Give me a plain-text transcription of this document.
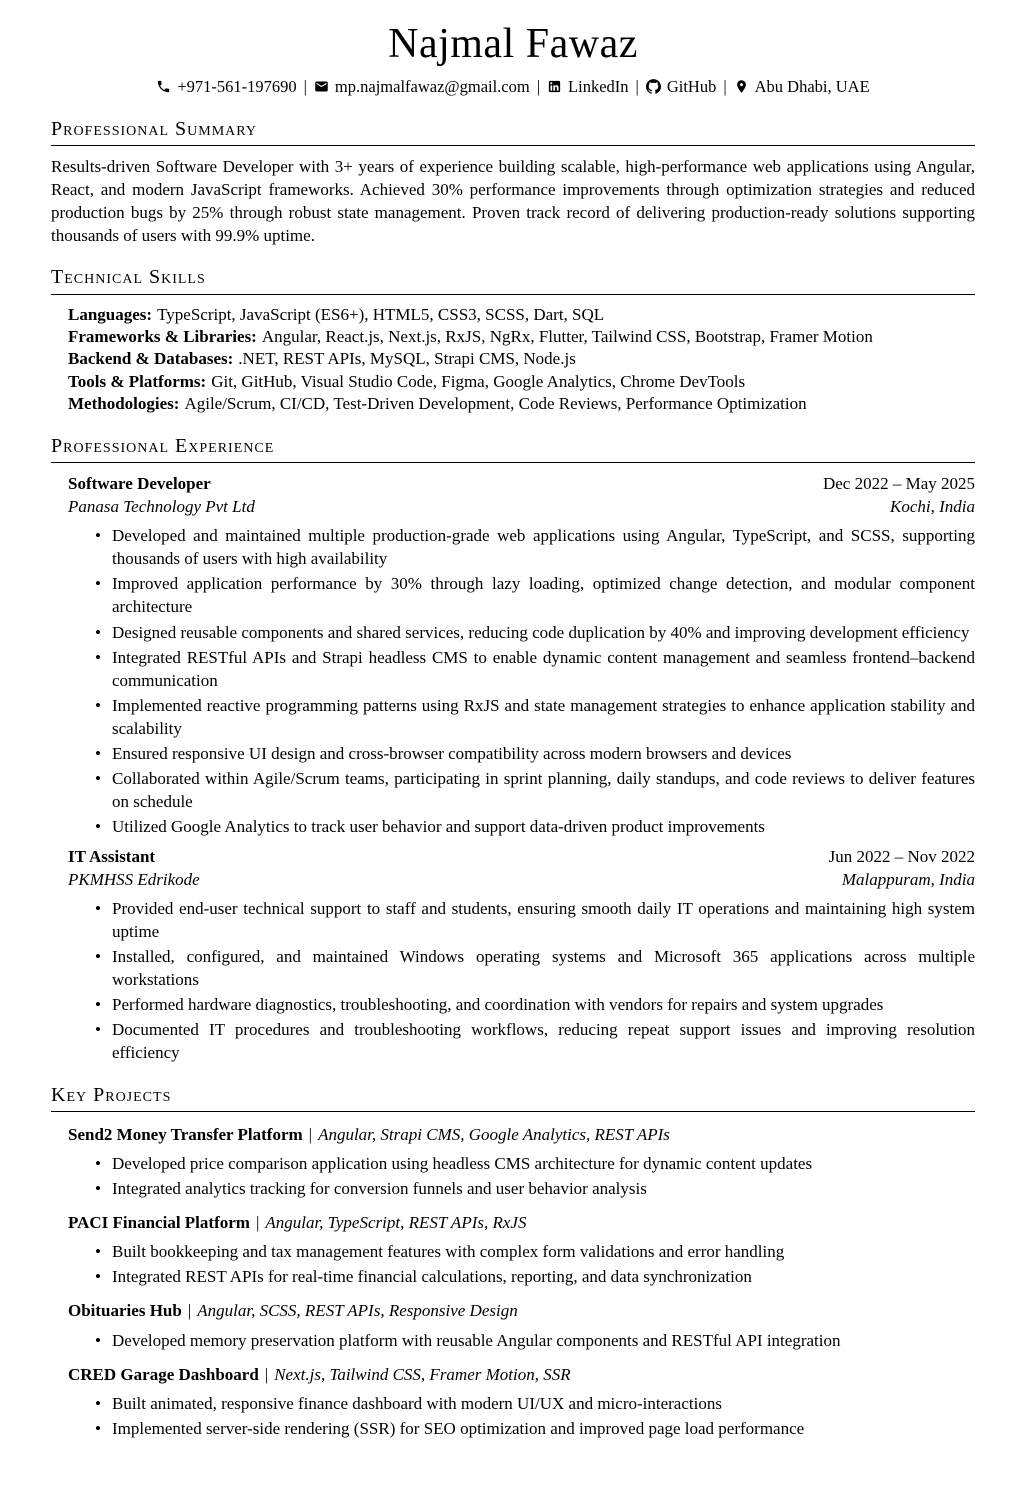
Najmal Fawaz
+971-561-197690 | mp.najmalfawaz@gmail.com | LinkedIn | GitHub | Abu Dhabi, UAE
Professional Summary
Results-driven Software Developer with 3+ years of experience building scalable, high-performance web applications using Angular, React, and modern JavaScript frameworks. Achieved 30% performance improvements through optimization strategies and reduced production bugs by 25% through robust state management. Proven track record of delivering production-ready solutions supporting thousands of users with 99.9% uptime.
Technical Skills
Languages: TypeScript, JavaScript (ES6+), HTML5, CSS3, SCSS, Dart, SQL
Frameworks & Libraries: Angular, React.js, Next.js, RxJS, NgRx, Flutter, Tailwind CSS, Bootstrap, Framer Motion
Backend & Databases: .NET, REST APIs, MySQL, Strapi CMS, Node.js
Tools & Platforms: Git, GitHub, Visual Studio Code, Figma, Google Analytics, Chrome DevTools
Methodologies: Agile/Scrum, CI/CD, Test-Driven Development, Code Reviews, Performance Optimization
Professional Experience
Software Developer	Dec 2022 – May 2025
Panasa Technology Pvt Ltd	Kochi, India
• Developed and maintained multiple production-grade web applications using Angular, TypeScript, and SCSS, supporting thousands of users with high availability
• Improved application performance by 30% through lazy loading, optimized change detection, and modular component architecture
• Designed reusable components and shared services, reducing code duplication by 40% and improving development efficiency
• Integrated RESTful APIs and Strapi headless CMS to enable dynamic content management and seamless frontend–backend communication
• Implemented reactive programming patterns using RxJS and state management strategies to enhance application stability and scalability
• Ensured responsive UI design and cross-browser compatibility across modern browsers and devices
• Collaborated within Agile/Scrum teams, participating in sprint planning, daily standups, and code reviews to deliver features on schedule
• Utilized Google Analytics to track user behavior and support data-driven product improvements
IT Assistant	Jun 2022 – Nov 2022
PKMHSS Edrikode	Malappuram, India
• Provided end-user technical support to staff and students, ensuring smooth daily IT operations and maintaining high system uptime
• Installed, configured, and maintained Windows operating systems and Microsoft 365 applications across multiple workstations
• Performed hardware diagnostics, troubleshooting, and coordination with vendors for repairs and system upgrades
• Documented IT procedures and troubleshooting workflows, reducing repeat support issues and improving resolution efficiency
Key Projects
Send2 Money Transfer Platform | Angular, Strapi CMS, Google Analytics, REST APIs
• Developed price comparison application using headless CMS architecture for dynamic content updates
• Integrated analytics tracking for conversion funnels and user behavior analysis
PACI Financial Platform | Angular, TypeScript, REST APIs, RxJS
• Built bookkeeping and tax management features with complex form validations and error handling
• Integrated REST APIs for real-time financial calculations, reporting, and data synchronization
Obituaries Hub | Angular, SCSS, REST APIs, Responsive Design
• Developed memory preservation platform with reusable Angular components and RESTful API integration
CRED Garage Dashboard | Next.js, Tailwind CSS, Framer Motion, SSR
• Built animated, responsive finance dashboard with modern UI/UX and micro-interactions
• Implemented server-side rendering (SSR) for SEO optimization and improved page load performance
